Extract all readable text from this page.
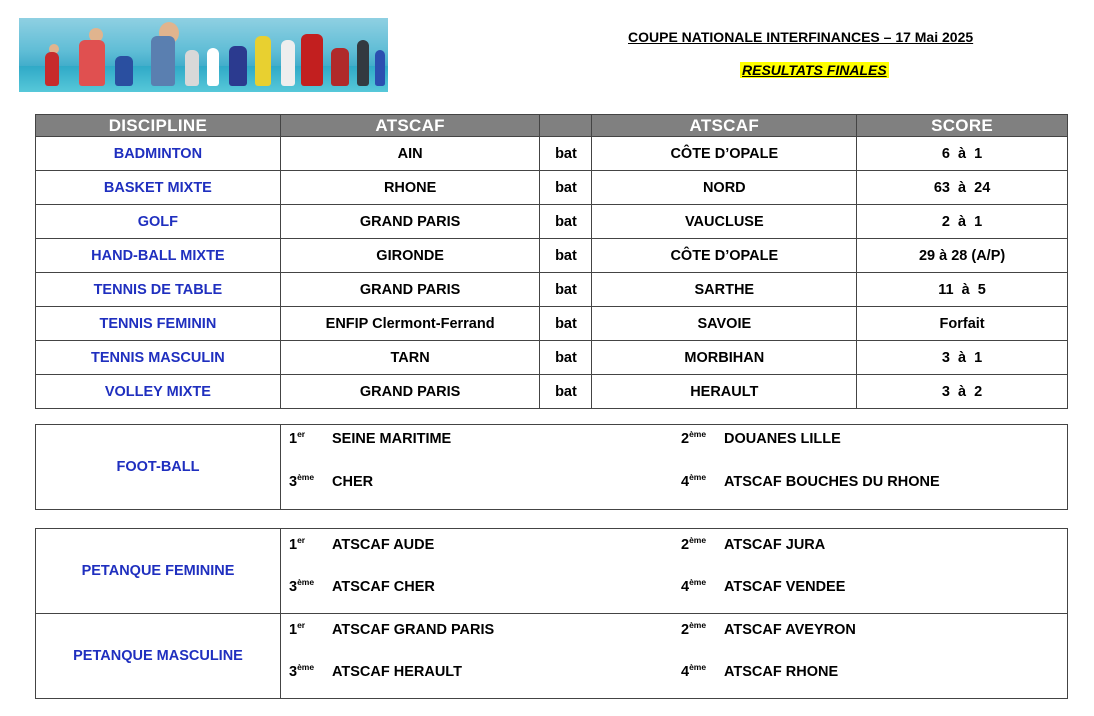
COUPE NATIONALE INTERFINANCES – 17 Mai 2025
RESULTATS FINALES
DISCIPLINE	ATSCAF		ATSCAF	SCORE
BADMINTON	AIN	bat	CÔTE D’OPALE	6  à  1
BASKET MIXTE	RHONE	bat	NORD	63  à  24
GOLF	GRAND PARIS	bat	VAUCLUSE	2  à  1
HAND-BALL MIXTE	GIRONDE	bat	CÔTE D’OPALE	29 à 28 (A/P)
TENNIS DE TABLE	GRAND PARIS	bat	SARTHE	11  à  5
TENNIS FEMININ	ENFIP Clermont-Ferrand	bat	SAVOIE	Forfait
TENNIS MASCULIN	TARN	bat	MORBIHAN	3  à  1
VOLLEY MIXTE	GRAND PARIS	bat	HERAULT	3  à  2
FOOT-BALL	
1er SEINE MARITIME	2ème DOUANES LILLE
3ème CHER	4ème ATSCAF BOUCHES DU RHONE
PETANQUE FEMININE	1er ATSCAF AUDE 2ème ATSCAF JURA
3ème ATSCAF CHER 4ème ATSCAF VENDEE

PETANQUE MASCULINE	1er ATSCAF GRAND PARIS 2ème ATSCAF AVEYRON
3ème ATSCAF HERAULT 4ème ATSCAF RHONE
